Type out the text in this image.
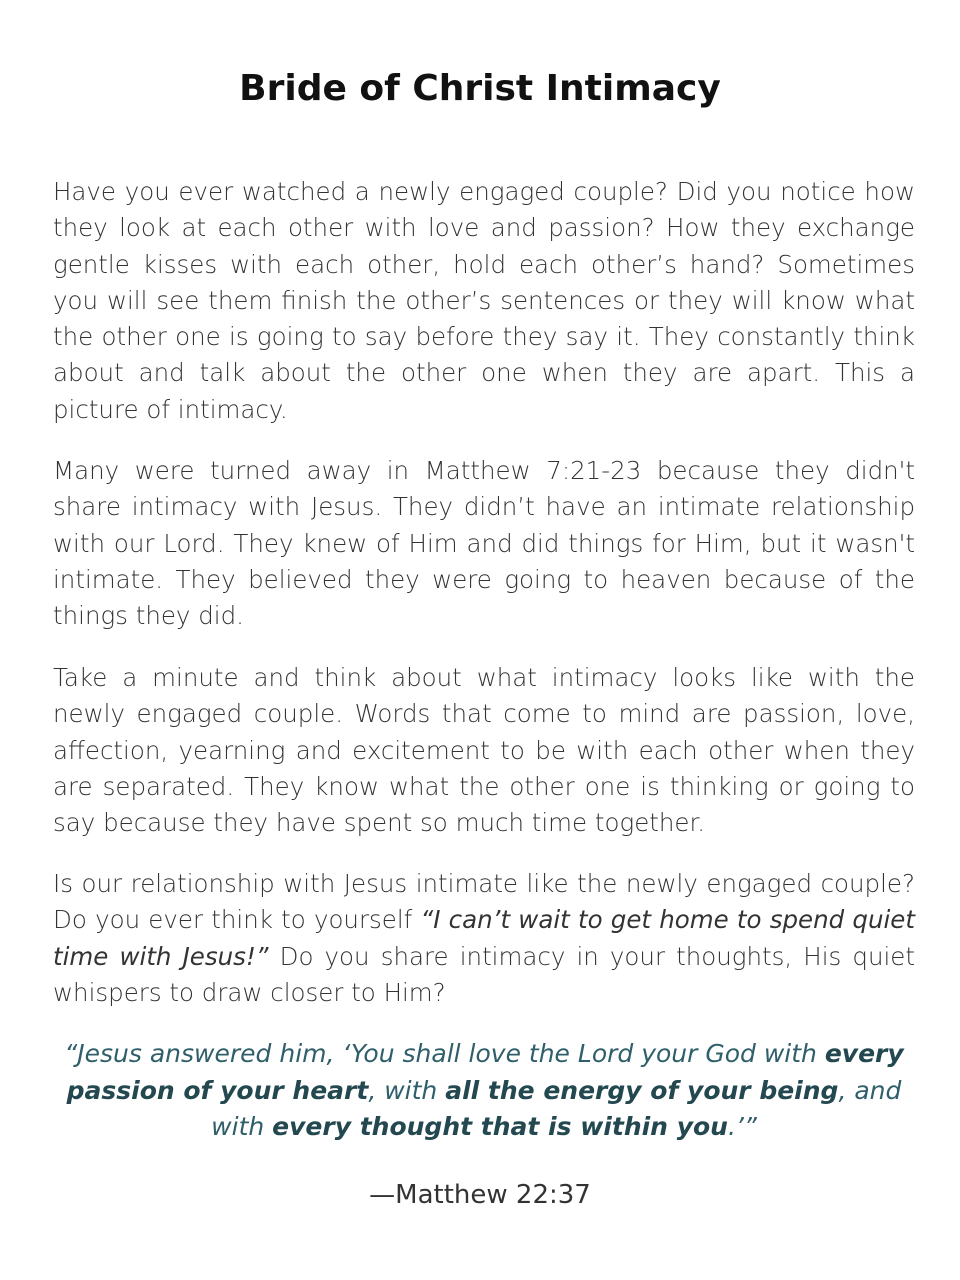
Bride of Christ Intimacy

Have you ever watched a newly engaged couple? Did you notice how they look at each other with love and passion? How they exchange gentle kisses with each other, hold each other’s hand? Sometimes you will see them finish the other’s sentences or they will know what the other one is going to say before they say it. They constantly think about and talk about the other one when they are apart. This a picture of intimacy.

Many were turned away in Matthew 7:21-23 because they didn't share intimacy with Jesus. They didn’t have an intimate relationship with our Lord. They knew of Him and did things for Him, but it wasn't intimate. They believed they were going to heaven because of the things they did.

Take a minute and think about what intimacy looks like with the newly engaged couple. Words that come to mind are passion, love, affection, yearning and excitement to be with each other when they are separated. They know what the other one is thinking or going to say because they have spent so much time together.

Is our relationship with Jesus intimate like the newly engaged couple? Do you ever think to yourself “I can’t wait to get home to spend quiet time with Jesus!” Do you share intimacy in your thoughts, His quiet whispers to draw closer to Him?

“Jesus answered him, ‘You shall love the Lord your God with every passion of your heart, with all the energy of your being, and with every thought that is within you.’”

—Matthew 22:37
